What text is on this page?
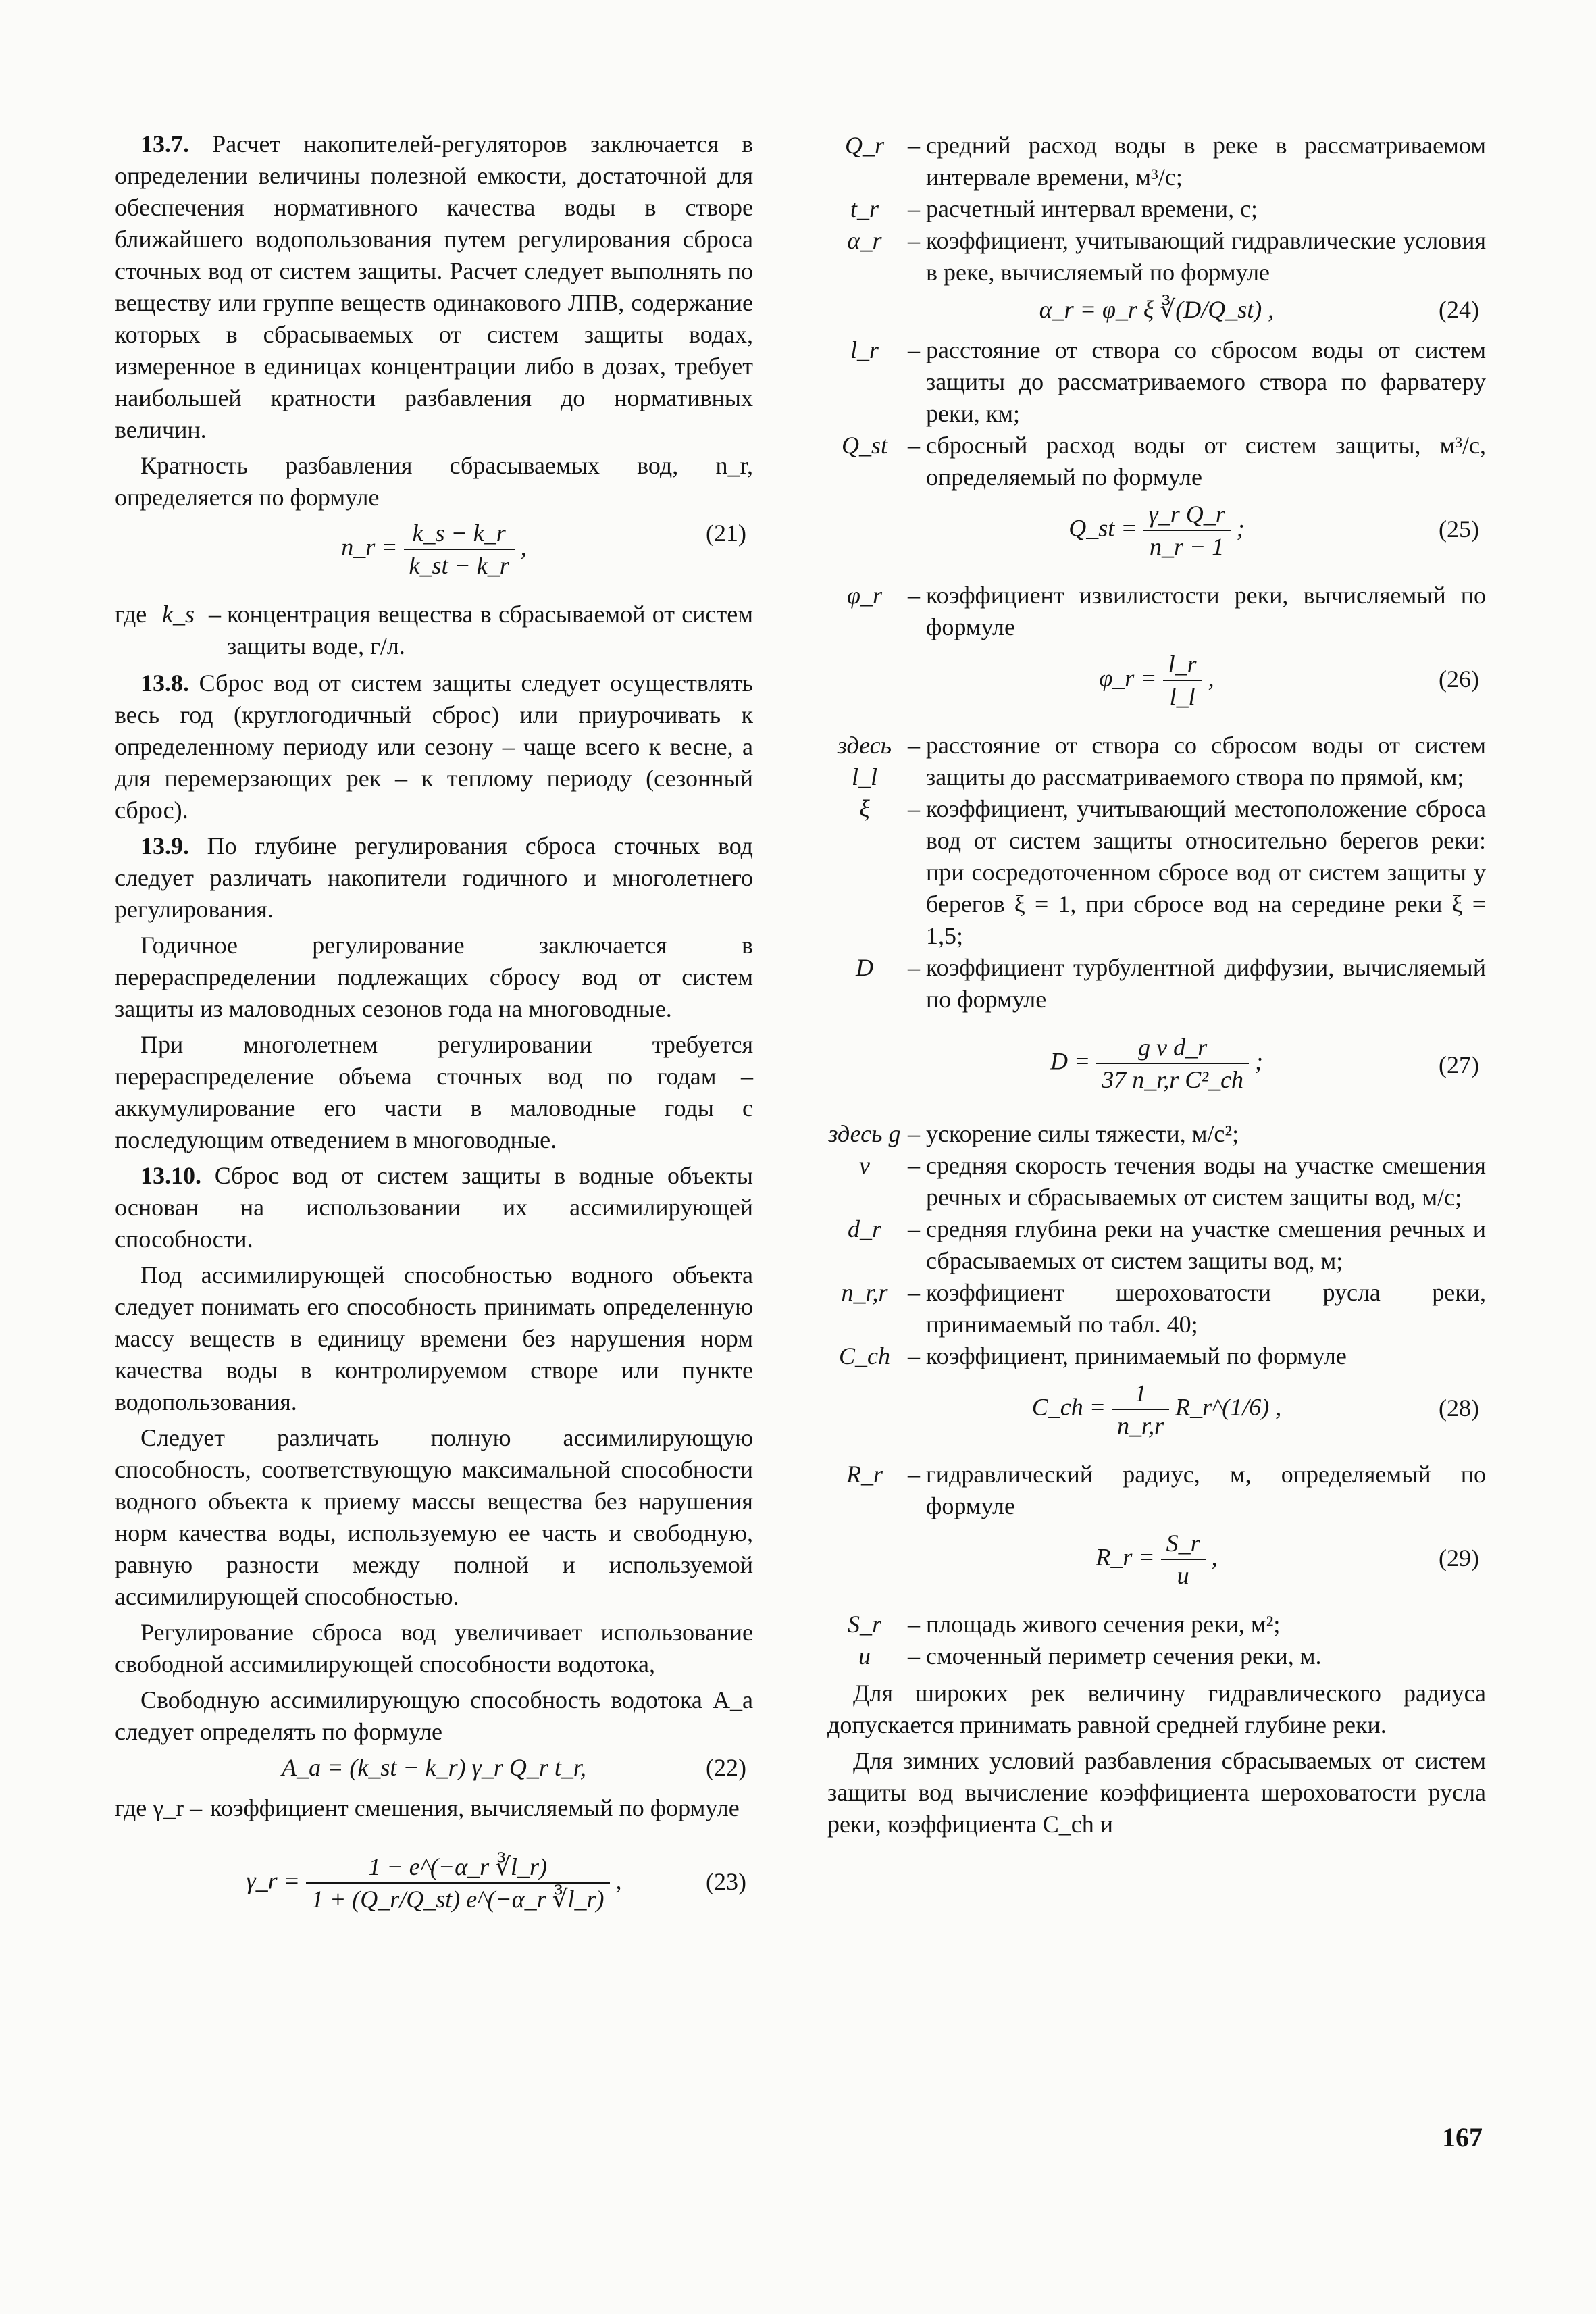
13.7. Расчет накопителей-регуляторов заключается в определении величины полезной емкости, достаточной для обеспечения нормативного качества воды в створе ближайшего водопользования путем регулирования сброса сточных вод от систем защиты. Расчет следует выполнять по веществу или группе веществ одинакового ЛПВ, содержание которых в сбрасываемых от систем защиты водах, измеренное в единицах концентрации либо в дозах, требует наибольшей кратности разбавления до нормативных величин.

Кратность разбавления сбрасываемых вод, n_r, определяется по формуле

n_r = $\frac{k\_s - k\_r}{k\_st - k\_r}$ ,
(21)
где k_s – концентрация вещества в сбрасываемой от систем защиты воде, г/л.

13.8. Сброс вод от систем защиты следует осуществлять весь год (круглогодичный сброс) или приурочивать к определенному периоду или сезону – чаще всего к весне, а для перемерзающих рек – к теплому периоду (сезонный сброс).

13.9. По глубине регулирования сброса сточных вод следует различать накопители годичного и многолетнего регулирования.

Годичное регулирование заключается в перераспределении подлежащих сбросу вод от систем защиты из маловодных сезонов года на многоводные.

При многолетнем регулировании требуется перераспределение объема сточных вод по годам – аккумулирование его части в маловодные годы с последующим отведением в многоводные.

13.10. Сброс вод от систем защиты в водные объекты основан на использовании их ассимилирующей способности.

Под ассимилирующей способностью водного объекта следует понимать его способность принимать определенную массу веществ в единицу времени без нарушения норм качества воды в контролируемом створе или пункте водопользования.

Следует различать полную ассимилирующую способность, соответствующую максимальной способности водного объекта к приему массы вещества без нарушения норм качества воды, используемую ее часть и свободную, равную разности между полной и используемой ассимилирующей способностью.

Регулирование сброса вод увеличивает использование свободной ассимилирующей способности водотока,

Свободную ассимилирующую способность водотока A_a следует определять по формуле

A_a = (k_st − k_r) γ_r Q_r t_r,	(22)
где γ_r – коэффициент смешения, вычисляемый по формуле
γ_r = $\frac{1 - e\^{}(-\alpha\_r ∛l\_r)}{1 + (Q\_r/Q\_st) e\^{}(-\alpha\_r ∛l\_r)}$ ,	(23)
Q_r – средний расход воды в реке в рассматриваемом интервале времени, м³/с;
t_r	– расчетный интервал времени, с;
α_r	– коэффициент, учитывающий гидравлические условия в реке, вычисляемый по формуле
α_r = φ_r ξ ∛(D/Q_st) ,	(24)
l_r	– расстояние от створа со сбросом воды от систем защиты до рассматриваемого створа по фарватеру реки, км;
Q_st – сбросный расход воды от систем защиты, м³/с, определяемый по формуле
Q_st = $\frac{\text{γ\_r Q\_r}}{n\_r - 1}$ ;	(25)
φ_r	– коэффициент извилистости реки, вычисляемый по формуле
φ_r = $\frac{l\_r}{l\_l}$ ,	(26)
здесь l_l
– расстояние от створа со сбросом воды от систем защиты до рассматриваемого створа по прямой, км;
ξ	– коэффициент, учитывающий местоположение сброса вод от систем защиты относительно берегов реки: при сосредоточенном сбросе вод от систем защиты у берегов ξ = 1, при сбросе вод на середине реки ξ = 1,5;
D	– коэффициент турбулентной диффузии, вычисляемый по формуле
$D = \frac{\text{g v d\_r}}{\text{37 n\_r,r C²\_ch}}$ ;	(27)
здесь g – ускорение силы тяжести, м/с²;
v	– средняя скорость течения воды на участке смешения речных и сбрасываемых от систем защиты вод, м/с;
d_r	– средняя глубина реки на участке смешения речных и сбрасываемых от систем защиты вод, м;
n_r,r – коэффициент шероховатости русла реки, принимаемый по табл. 40;
C_ch – коэффициент, принимаемый по формуле
C_ch = $\frac{1}{n\_r,r}$ R_r^(1/6) ,	(28)
R_r	– гидравлический радиус, м, определяемый по формуле
R_r = $\frac{S\_r}{u}$ ,	(29)
S_r	– площадь живого сечения реки, м²;
u	– смоченный периметр сечения реки, м.

Для широких рек величину гидравлического радиуса допускается принимать равной средней глубине реки.

Для зимних условий разбавления сбрасываемых от систем защиты вод вычисление коэффициента шероховатости русла реки, коэффициента C_ch и

167
